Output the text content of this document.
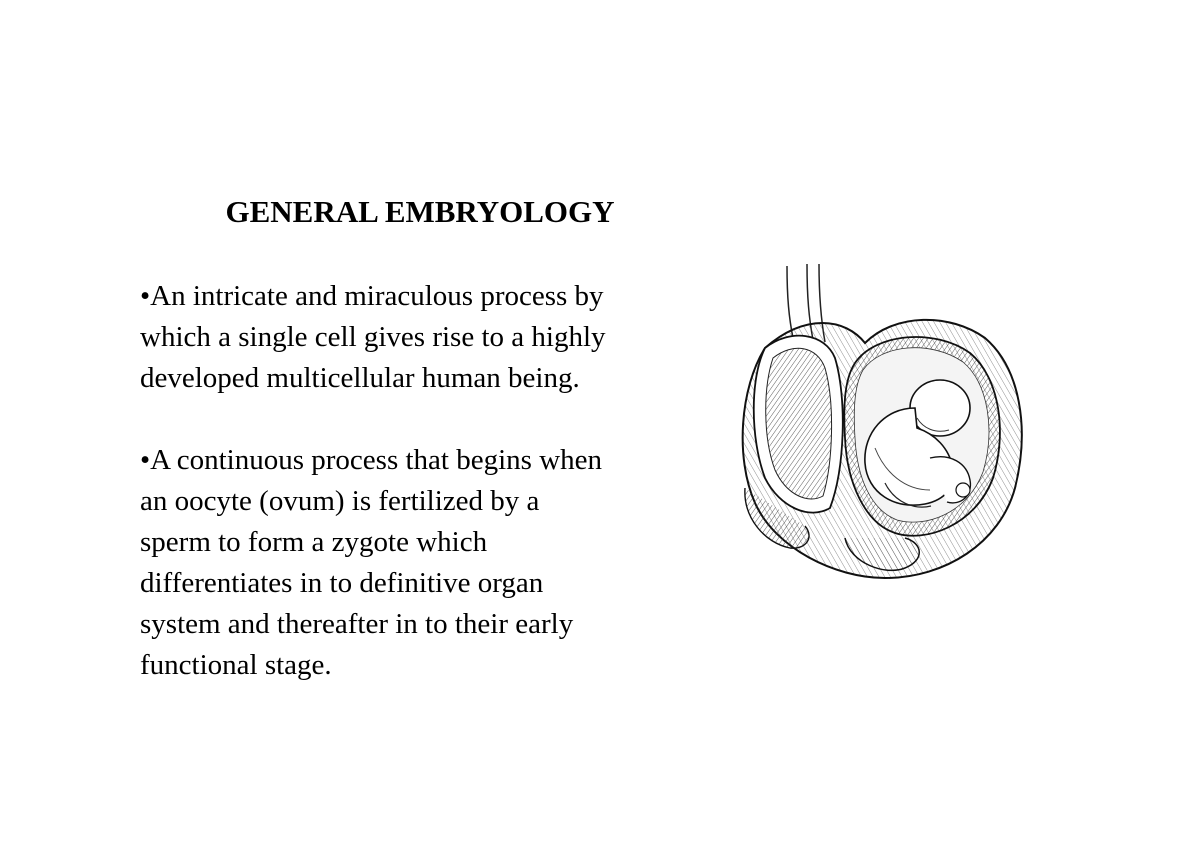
GENERAL EMBRYOLOGY
•An intricate and miraculous process by
which a single cell gives rise to a highly
developed multicellular human being.
•A continuous process that begins when
an oocyte (ovum) is fertilized by a
sperm to form a zygote which
differentiates in to definitive organ
system and thereafter in to their early
functional stage.
